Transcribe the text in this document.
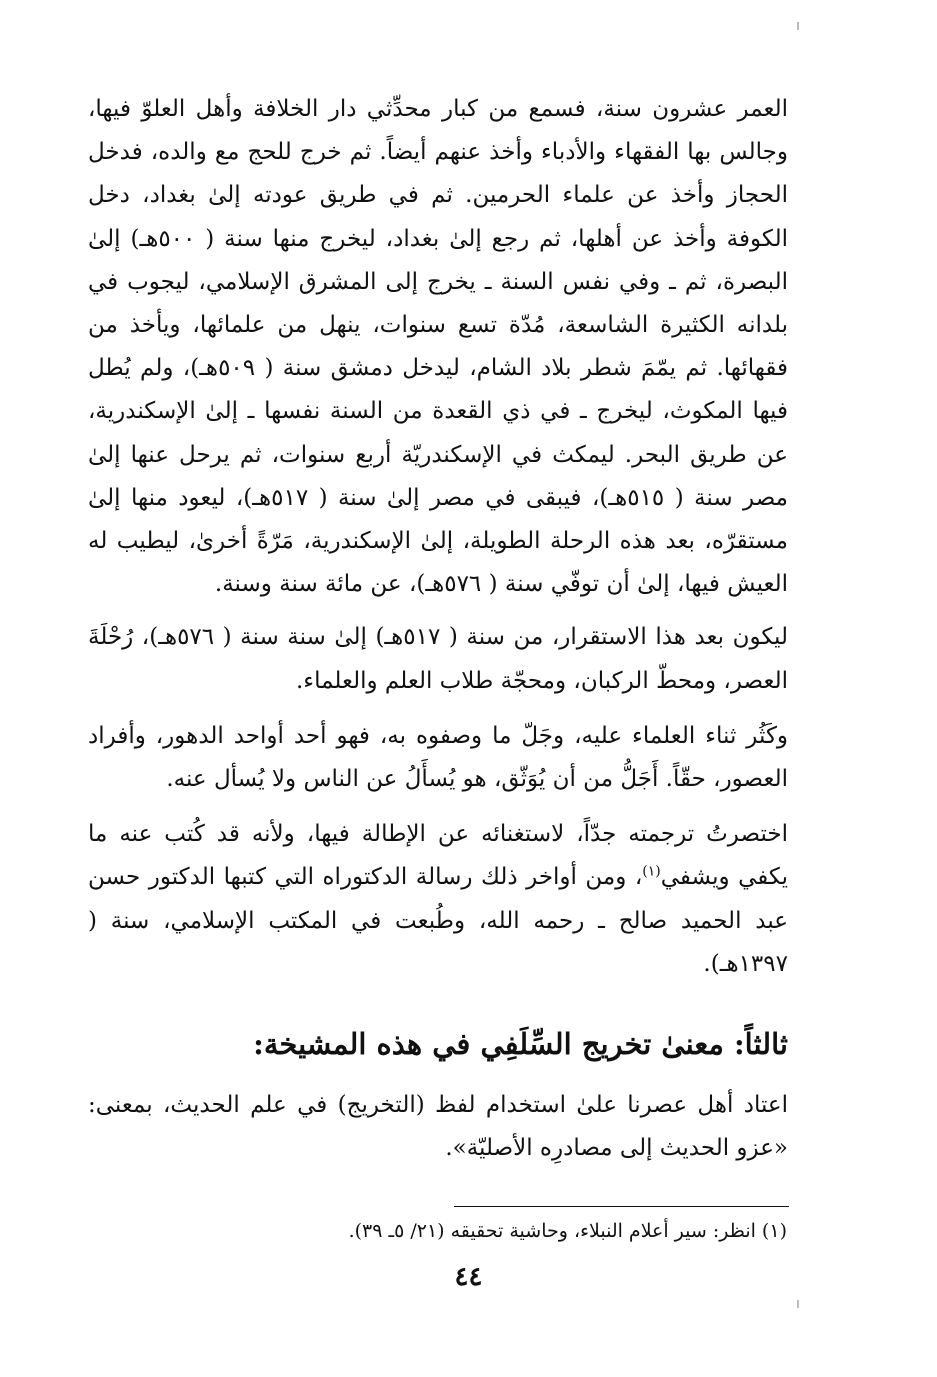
العمر عشرون سنة، فسمع من كبار محدِّثي دار الخلافة وأهل العلوّ فيها، وجالس بها الفقهاء والأدباء وأخذ عنهم أيضاً. ثم خرج للحج مع والده، فدخل الحجاز وأخذ عن علماء الحرمين. ثم في طريق عودته إلىٰ بغداد، دخل الكوفة وأخذ عن أهلها، ثم رجع إلىٰ بغداد، ليخرج منها سنة ( ٥٠٠هـ) إلىٰ البصرة، ثم ـ وفي نفس السنة ـ يخرج إلى المشرق الإسلامي، ليجوب في بلدانه الكثيرة الشاسعة، مُدّة تسع سنوات، ينهل من علمائها، ويأخذ من فقهائها. ثم يمّمَ شطر بلاد الشام، ليدخل دمشق سنة ( ٥٠٩هـ)، ولم يُطل فيها المكوث، ليخرج ـ في ذي القعدة من السنة نفسها ـ إلىٰ الإسكندرية، عن طريق البحر. ليمكث في الإسكندريّة أربع سنوات، ثم يرحل عنها إلىٰ مصر سنة ( ٥١٥هـ)، فيبقى في مصر إلىٰ سنة ( ٥١٧هـ)، ليعود منها إلىٰ مستقرّه، بعد هذه الرحلة الطويلة، إلىٰ الإسكندرية، مَرّةً أخرىٰ، ليطيب له العيش فيها، إلىٰ أن توفّي سنة ( ٥٧٦هـ)، عن مائة سنة وسنة.

ليكون بعد هذا الاستقرار، من سنة ( ٥١٧هـ) إلىٰ سنة سنة ( ٥٧٦هـ)، رُحْلَةَ العصر، ومحطّ الركبان، ومحجّة طلاب العلم والعلماء.

وكَثُر ثناء العلماء عليه، وجَلّ ما وصفوه به، فهو أحد أواحد الدهور، وأفراد العصور، حقّاً. أَجَلُّ من أن يُوَثّق، هو يُسأَلُ عن الناس ولا يُسأل عنه.

اختصرتُ ترجمته جدّاً، لاستغنائه عن الإطالة فيها، ولأنه قد كُتب عنه ما يكفي ويشفي$^{(١)}$، ومن أواخر ذلك رسالة الدكتوراه التي كتبها الدكتور حسن عبد الحميد صالح ـ رحمه الله، وطُبعت في المكتب الإسلامي، سنة ( ١٣٩٧هـ).

ثالثاً: معنىٰ تخريج السِّلَفِي في هذه المشيخة:

اعتاد أهل عصرنا علىٰ استخدام لفظ (التخريج) في علم الحديث، بمعنى: «عزو الحديث إلى مصادرِه الأصليّة».

(١) انظر: سير أعلام النبلاء، وحاشية تحقيقه (٢١/ ٥ـ ٣٩).
٤٤
